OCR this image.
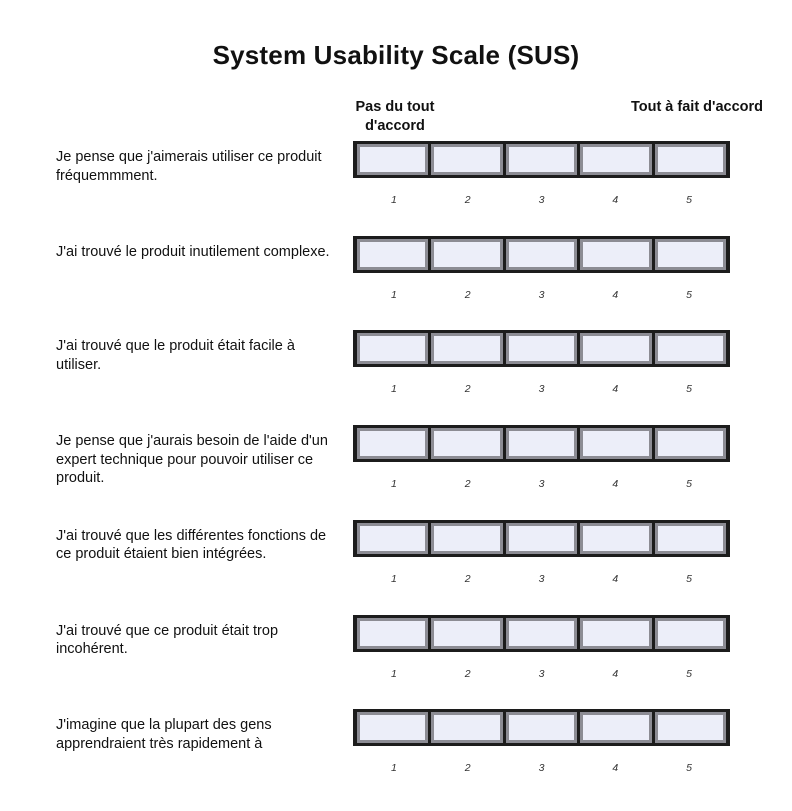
System Usability Scale (SUS)
Pas du tout d'accord
Tout à fait d'accord
Je pense que j'aimerais utiliser ce produit fréquemmment.
1	2	3	4	5
J'ai trouvé le produit inutilement complexe.
1	2	3	4	5
J'ai trouvé que le produit était facile à utiliser.
1	2	3	4	5
Je pense que j'aurais besoin de l'aide d'un expert technique pour pouvoir utiliser ce produit.	1	2	3	4	5
J'ai trouvé que les différentes fonctions de ce produit étaient bien intégrées.
1	2	3	4	5
J'ai trouvé que ce produit était trop incohérent.
1	2	3	4	5
J'imagine que la plupart des gens apprendraient très rapidement à
1	2	3	4	5
